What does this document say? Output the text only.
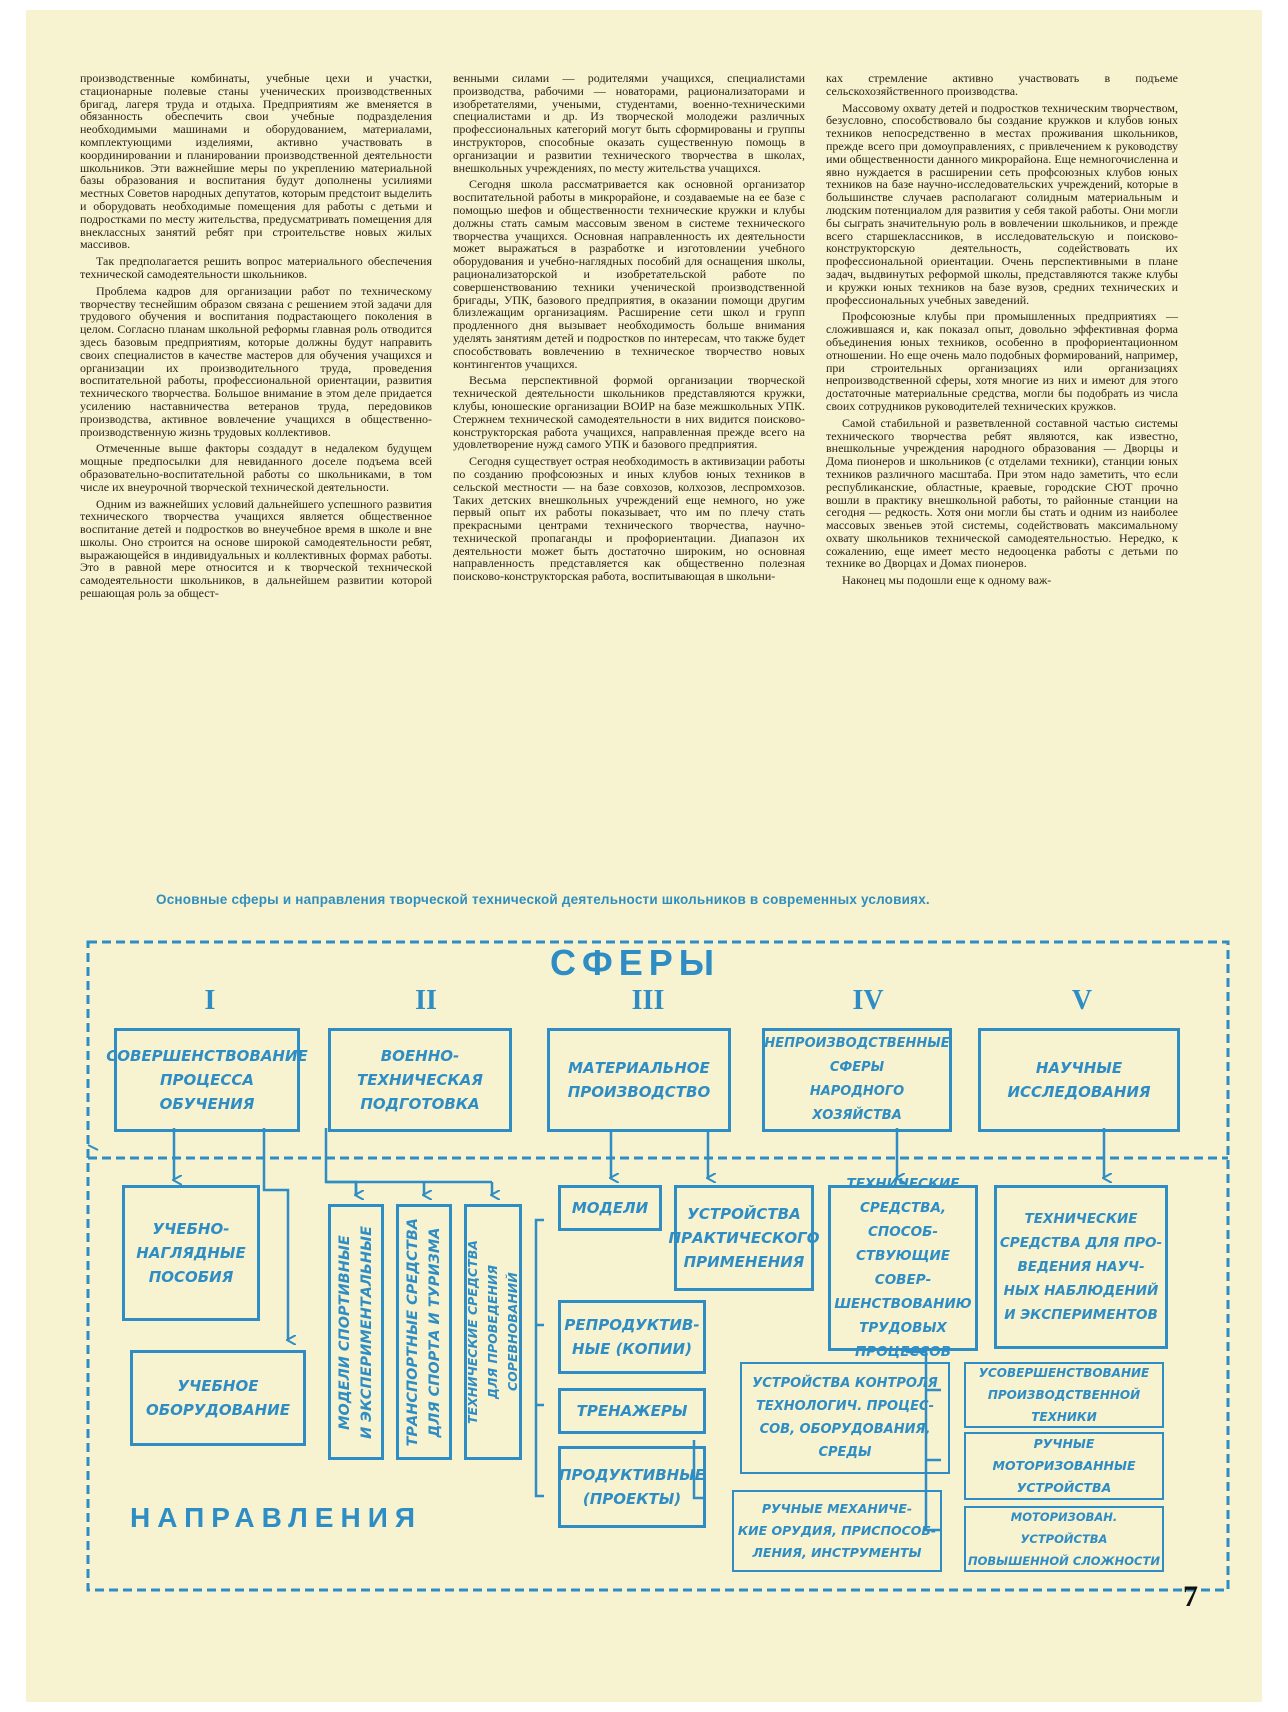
производственные комбинаты, учебные цехи и участки, стационарные полевые станы ученических производственных бригад, лагеря труда и отдыха. Предприятиям же вменяется в обязанность обеспечить свои учебные подразделения необходимыми машинами и оборудованием, материалами, комплектующими изделиями, активно участвовать в координировании и планировании производственной деятельности школьников. Эти важнейшие меры по укреплению материальной базы образования и воспитания будут дополнены усилиями местных Советов народных депутатов, которым предстоит выделить и оборудовать необходимые помещения для работы с детьми и подростками по месту жительства, предусматривать помещения для внеклассных занятий ребят при строительстве новых жилых массивов.

Так предполагается решить вопрос материального обеспечения технической самодеятельности школьников.

Проблема кадров для организации работ по техническому творчеству теснейшим образом связана с решением этой задачи для трудового обучения и воспитания подрастающего поколения в целом. Согласно планам школьной реформы главная роль отводится здесь базовым предприятиям, которые должны будут направить своих специалистов в качестве мастеров для обучения учащихся и организации их производительного труда, проведения воспитательной работы, профессиональной ориентации, развития технического творчества. Большое внимание в этом деле придается усилению наставничества ветеранов труда, передовиков производства, активное вовлечение учащихся в общественно-производственную жизнь трудовых коллективов.

Отмеченные выше факторы создадут в недалеком будущем мощные предпосылки для невиданного доселе подъема всей образовательно-воспитательной работы со школьниками, в том числе их внеурочной творческой технической деятельности.

Одним из важнейших условий дальнейшего успешного развития технического творчества учащихся является общественное воспитание детей и подростков во внеучебное время в школе и вне школы. Оно строится на основе широкой самодеятельности ребят, выражающейся в индивидуальных и коллективных формах работы. Это в равной мере относится и к творческой технической самодеятельности школьников, в дальнейшем развитии которой решающая роль за общест-

венными силами — родителями учащихся, специалистами производства, рабочими — новаторами, рационализаторами и изобретателями, учеными, студентами, военно-техническими специалистами и др. Из творческой молодежи различных профессиональных категорий могут быть сформированы и группы инструкторов, способные оказать существенную помощь в организации и развитии технического творчества в школах, внешкольных учреждениях, по месту жительства учащихся.

Сегодня школа рассматривается как основной организатор воспитательной работы в микрорайоне, и создаваемые на ее базе с помощью шефов и общественности технические кружки и клубы должны стать самым массовым звеном в системе технического творчества учащихся. Основная направленность их деятельности может выражаться в разработке и изготовлении учебного оборудования и учебно-наглядных пособий для оснащения школы, рационализаторской и изобретательской работе по совершенствованию техники ученической производственной бригады, УПК, базового предприятия, в оказании помощи другим близлежащим организациям. Расширение сети школ и групп продленного дня вызывает необходимость больше внимания уделять занятиям детей и подростков по интересам, что также будет способствовать вовлечению в техническое творчество новых контингентов учащихся.

Весьма перспективной формой организации творческой технической деятельности школьников представляются кружки, клубы, юношеские организации ВОИР на базе межшкольных УПК. Стержнем технической самодеятельности в них видится поисково-конструкторская работа учащихся, направленная прежде всего на удовлетворение нужд самого УПК и базового предприятия.

Сегодня существует острая необходимость в активизации работы по созданию профсоюзных и иных клубов юных техников в сельской местности — на базе совхозов, колхозов, леспромхозов. Таких детских внешкольных учреждений еще немного, но уже первый опыт их работы показывает, что им по плечу стать прекрасными центрами технического творчества, научно-технической пропаганды и профориентации. Диапазон их деятельности может быть достаточно широким, но основная направленность представляется как общественно полезная поисково-конструкторская работа, воспитывающая в школьни-

ках стремление активно участвовать в подъеме сельскохозяйственного производства.

Массовому охвату детей и подростков техническим творчеством, безусловно, способствовало бы создание кружков и клубов юных техников непосредственно в местах проживания школьников, прежде всего при домоуправлениях, с привлечением к руководству ими общественности данного микрорайона. Еще немногочисленна и явно нуждается в расширении сеть профсоюзных клубов юных техников на базе научно-исследовательских учреждений, которые в большинстве случаев располагают солидным материальным и людским потенциалом для развития у себя такой работы. Они могли бы сыграть значительную роль в вовлечении школьников, и прежде всего старшеклассников, в исследовательскую и поисково-конструкторскую деятельность, содействовать их профессиональной ориентации. Очень перспективными в плане задач, выдвинутых реформой школы, представляются также клубы и кружки юных техников на базе вузов, средних технических и профессиональных учебных заведений.

Профсоюзные клубы при промышленных предприятиях — сложившаяся и, как показал опыт, довольно эффективная форма объединения юных техников, особенно в профориентационном отношении. Но еще очень мало подобных формирований, например, при строительных организациях или организациях непроизводственной сферы, хотя многие из них и имеют для этого достаточные материальные средства, могли бы подобрать из числа своих сотрудников руководителей технических кружков.

Самой стабильной и разветвленной составной частью системы технического творчества ребят являются, как известно, внешкольные учреждения народного образования — Дворцы и Дома пионеров и школьников (с отделами техники), станции юных техников различного масштаба. При этом надо заметить, что если республиканские, областные, краевые, городские СЮТ прочно вошли в практику внешкольной работы, то районные станции на сегодня — редкость. Хотя они могли бы стать и одним из наиболее массовых звеньев этой системы, содействовать максимальному охвату школьников технической самодеятельностью. Нередко, к сожалению, еще имеет место недооценка работы с детьми по технике во Дворцах и Домах пионеров.

Наконец мы подошли еще к одному важ-

Основные сферы и направления творческой технической деятельности школьников в современных условиях.
СФЕРЫ
НАПРАВЛЕНИЯ
I	II	III	IV	V
СОВЕРШЕНСТВОВАНИЕ
ПРОЦЕССА
ОБУЧЕНИЯ
ВОЕННО-
ТЕХНИЧЕСКАЯ
ПОДГОТОВКА
МАТЕРИАЛЬНОЕ
ПРОИЗВОДСТВО
НЕПРОИЗВОДСТВЕННЫЕ
СФЕРЫ
НАРОДНОГО ХОЗЯЙСТВА
НАУЧНЫЕ
ИССЛЕДОВАНИЯ
УЧЕБНО-
НАГЛЯДНЫЕ
ПОСОБИЯ
УЧЕБНОЕ
ОБОРУДОВАНИЕ	МОДЕЛИ СПОРТИВНЫЕ
И ЭКСПЕРИМЕНТАЛЬНЫЕ ТРАНСПОРТНЫЕ СРЕДСТВА
ДЛЯ СПОРТА И ТУРИЗМА
ТЕХНИЧЕСКИЕ СРЕДСТВА
ДЛЯ ПРОВЕДЕНИЯ СОРЕВНОВАНИЙ
МОДЕЛИ	УСТРОЙСТВА
ПРАКТИЧЕСКОГО
ПРИМЕНЕНИЯ
РЕПРОДУКТИВ-
НЫЕ (КОПИИ)
ТРЕНАЖЕРЫ
ПРОДУКТИВНЫЕ
(ПРОЕКТЫ)
ТЕХНИЧЕСКИЕ
СРЕДСТВА, СПОСОБ-
СТВУЮЩИЕ СОВЕР-
ШЕНСТВОВАНИЮ
ТРУДОВЫХ ПРОЦЕССОВ
УСТРОЙСТВА КОНТРОЛЯ
ТЕХНОЛОГИЧ. ПРОЦЕС-
СОВ, ОБОРУДОВАНИЯ,
СРЕДЫ
РУЧНЫЕ МЕХАНИЧЕ-
КИЕ ОРУДИЯ, ПРИСПОСОБ-
ЛЕНИЯ, ИНСТРУМЕНТЫ
ТЕХНИЧЕСКИЕ
СРЕДСТВА ДЛЯ ПРО-
ВЕДЕНИЯ НАУЧ-
НЫХ НАБЛЮДЕНИЙ
И ЭКСПЕРИМЕНТОВ
УСОВЕРШЕНСТВОВАНИЕ
ПРОИЗВОДСТВЕННОЙ ТЕХНИКИ
РУЧНЫЕ МОТОРИЗОВАННЫЕ
УСТРОЙСТВА
МОТОРИЗОВАН. УСТРОЙСТВА
ПОВЫШЕННОЙ СЛОЖНОСТИ
7
